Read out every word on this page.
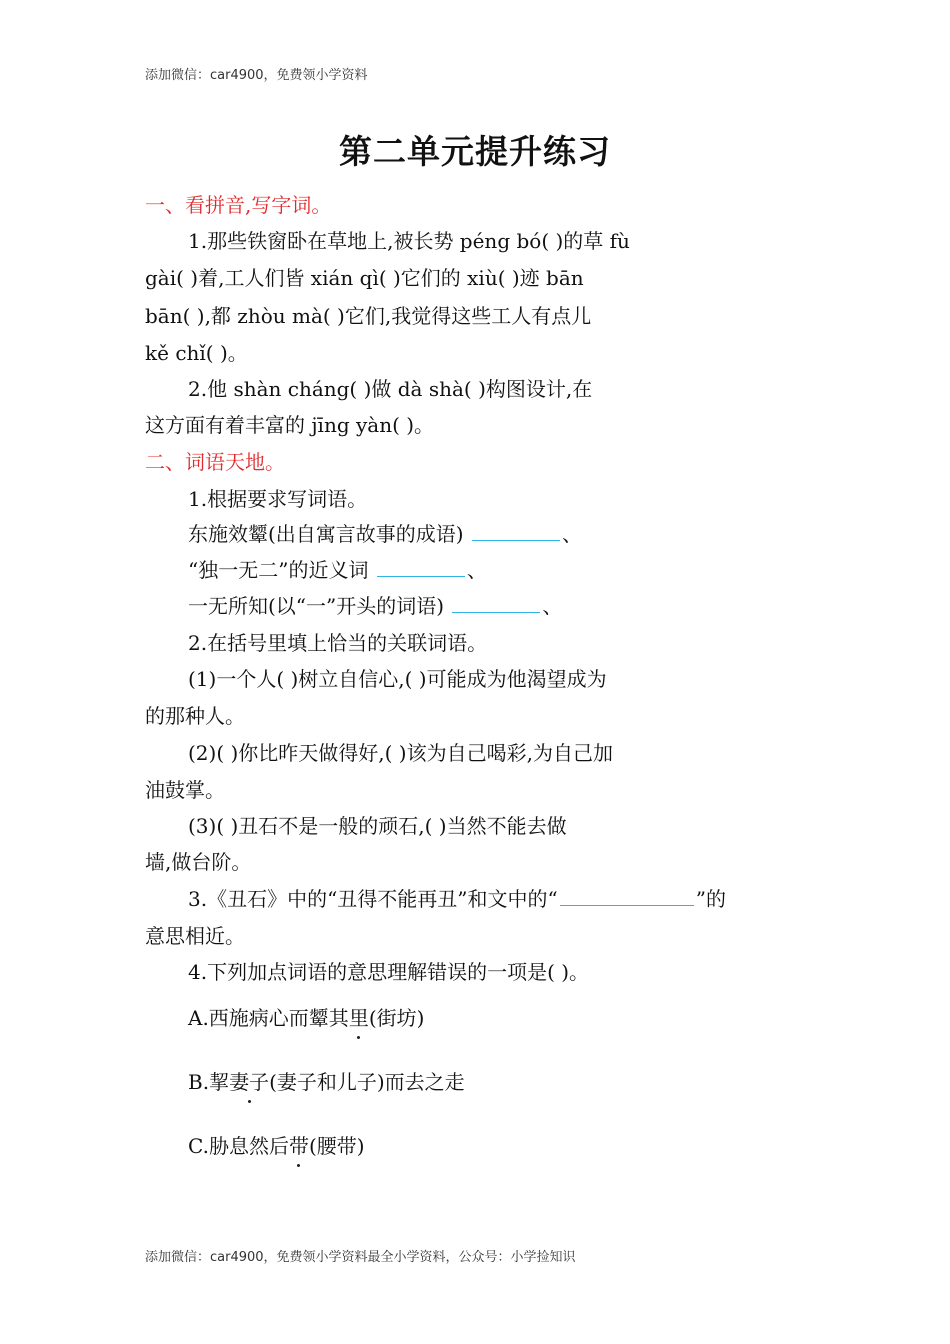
添加微信：car4900，免费领小学资料
第二单元提升练习
一、看拼音,写字词。
1.那些铁窗卧在草地上,被长势 péng bó( )的草 fù
gài( )着,工人们皆 xián qì( )它们的 xiù( )迹 bān
bān( ),都 zhòu mà( )它们,我觉得这些工人有点儿
kě chǐ( )。
2.他 shàn cháng( )做 dà shà( )构图设计,在
这方面有着丰富的 jīng yàn( )。
二、词语天地。
1.根据要求写词语。
东施效颦(出自寓言故事的成语)	、
“独一无二”的近义词	、
一无所知(以“一”开头的词语)	、
2.在括号里填上恰当的关联词语。
(1)一个人( )树立自信心,( )可能成为他渴望成为
的那种人。
(2)( )你比昨天做得好,( )该为自己喝彩,为自己加
油鼓掌。
(3)( )丑石不是一般的顽石,( )当然不能去做
墙,做台阶。
3.《丑石》中的“丑得不能再丑”和文中的“	”的
意思相近。
4.下列加点词语的意思理解错误的一项是( )。
A.西施病心而颦其里(街坊)
B.挈妻子(妻子和儿子)而去之走
C.胁息然后带(腰带)
添加微信：car4900，免费领小学资料最全小学资料，公众号：小学捡知识
